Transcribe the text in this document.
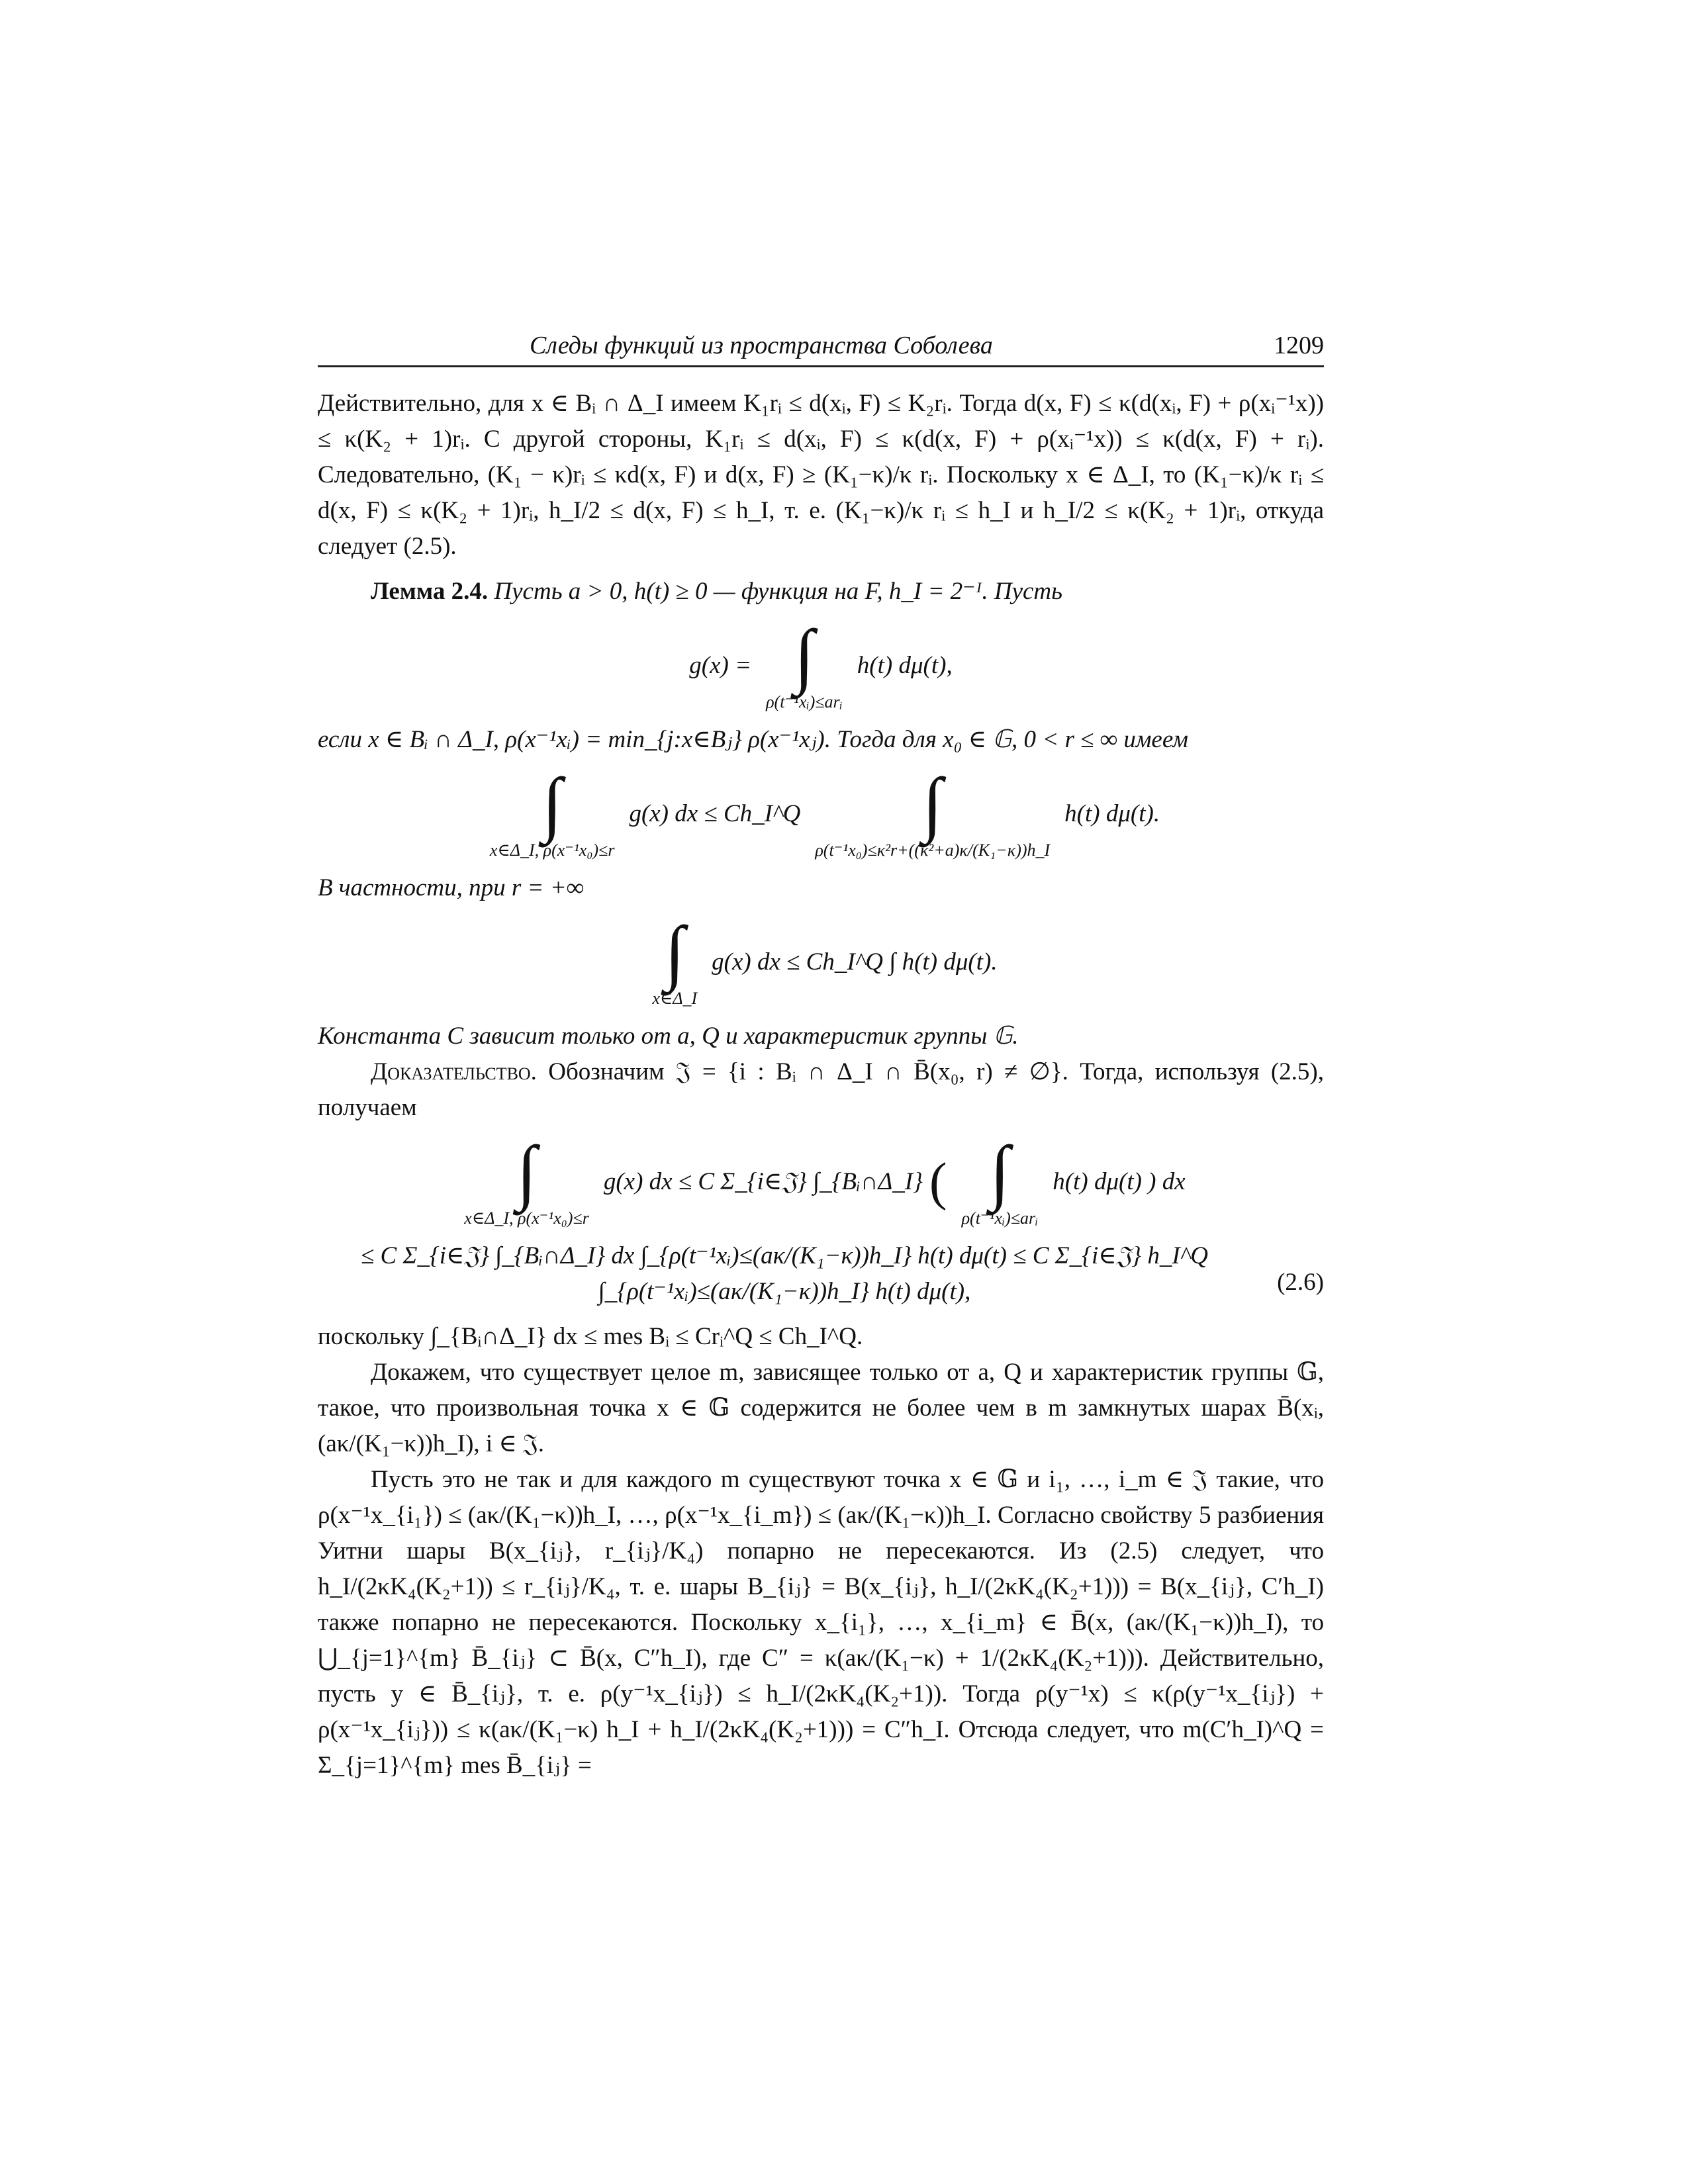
Следы функций из пространства Соболева	1209

Действительно, для x ∈ Bᵢ ∩ Δ_I имеем K₁rᵢ ≤ d(xᵢ, F) ≤ K₂rᵢ. Тогда d(x, F) ≤ κ(d(xᵢ, F) + ρ(xᵢ⁻¹x)) ≤ κ(K₂ + 1)rᵢ. С другой стороны, K₁rᵢ ≤ d(xᵢ, F) ≤ κ(d(x, F) + ρ(xᵢ⁻¹x)) ≤ κ(d(x, F) + rᵢ). Следовательно, (K₁ − κ)rᵢ ≤ κd(x, F) и d(x, F) ≥ (K₁−κ)/κ rᵢ. Поскольку x ∈ Δ_I, то (K₁−κ)/κ rᵢ ≤ d(x, F) ≤ κ(K₂ + 1)rᵢ, h_I/2 ≤ d(x, F) ≤ h_I, т. е. (K₁−κ)/κ rᵢ ≤ h_I и h_I/2 ≤ κ(K₂ + 1)rᵢ, откуда следует (2.5).

Лемма 2.4. Пусть a > 0, h(t) ≥ 0 — функция на F, h_I = 2⁻ᴵ. Пусть

g(x) = ∫
ρ(t⁻¹xᵢ)≤arᵢ
h(t) dμ(t),

если x ∈ Bᵢ ∩ Δ_I, ρ(x⁻¹xᵢ) = min_{j:x∈Bⱼ} ρ(x⁻¹xⱼ). Тогда для x₀ ∈ 𝔾, 0 < r ≤ ∞ имеем

∫
x∈Δ_I, ρ(x⁻¹x₀)≤r
g(x) dx ≤ Ch_I^Q ∫
ρ(t⁻¹x₀)≤κ²r+((κ²+a)κ/(K₁−κ))h_I
h(t) dμ(t).

В частности, при r = +∞

∫
x∈Δ_I
g(x) dx ≤ Ch_I^Q ∫ h(t) dμ(t).

Константа C зависит только от a, Q и характеристик группы 𝔾.

Доказательство. Обозначим 𝔍 = {i : Bᵢ ∩ Δ_I ∩ B̄(x₀, r) ≠ ∅}. Тогда, используя (2.5), получаем

∫
x∈Δ_I, ρ(x⁻¹x₀)≤r
g(x) dx ≤ C Σ_{i∈𝔍} ∫_{Bᵢ∩Δ_I} ( ∫
ρ(t⁻¹xᵢ)≤arᵢ
h(t) dμ(t) ) dx
≤ C Σ_{i∈𝔍} ∫_{Bᵢ∩Δ_I} dx ∫_{ρ(t⁻¹xᵢ)≤(aκ/(K₁−κ))h_I} h(t) dμ(t) ≤ C Σ_{i∈𝔍} h_I^Q ∫_{ρ(t⁻¹xᵢ)≤(aκ/(K₁−κ))h_I} h(t) dμ(t),	(2.6)

поскольку ∫_{Bᵢ∩Δ_I} dx ≤ mes Bᵢ ≤ Crᵢ^Q ≤ Ch_I^Q.

Докажем, что существует целое m, зависящее только от a, Q и характеристик группы 𝔾, такое, что произвольная точка x ∈ 𝔾 содержится не более чем в m замкнутых шарах B̄(xᵢ, (aκ/(K₁−κ))h_I), i ∈ 𝔍.

Пусть это не так и для каждого m существуют точка x ∈ 𝔾 и i₁, …, i_m ∈ 𝔍 такие, что ρ(x⁻¹x_{i₁}) ≤ (aκ/(K₁−κ))h_I, …, ρ(x⁻¹x_{i_m}) ≤ (aκ/(K₁−κ))h_I. Согласно свойству 5 разбиения Уитни шары B(x_{iⱼ}, r_{iⱼ}/K₄) попарно не пересекаются. Из (2.5) следует, что h_I/(2κK₄(K₂+1)) ≤ r_{iⱼ}/K₄, т. е. шары B_{iⱼ} = B(x_{iⱼ}, h_I/(2κK₄(K₂+1))) = B(x_{iⱼ}, C′h_I) также попарно не пересекаются. Поскольку x_{i₁}, …, x_{i_m} ∈ B̄(x, (aκ/(K₁−κ))h_I), то ⋃_{j=1}^{m} B̄_{iⱼ} ⊂ B̄(x, C″h_I), где C″ = κ(aκ/(K₁−κ) + 1/(2κK₄(K₂+1))). Действительно, пусть y ∈ B̄_{iⱼ}, т. е. ρ(y⁻¹x_{iⱼ}) ≤ h_I/(2κK₄(K₂+1)). Тогда ρ(y⁻¹x) ≤ κ(ρ(y⁻¹x_{iⱼ}) + ρ(x⁻¹x_{iⱼ})) ≤ κ(aκ/(K₁−κ) h_I + h_I/(2κK₄(K₂+1))) = C″h_I. Отсюда следует, что m(C′h_I)^Q = Σ_{j=1}^{m} mes B̄_{iⱼ} =
